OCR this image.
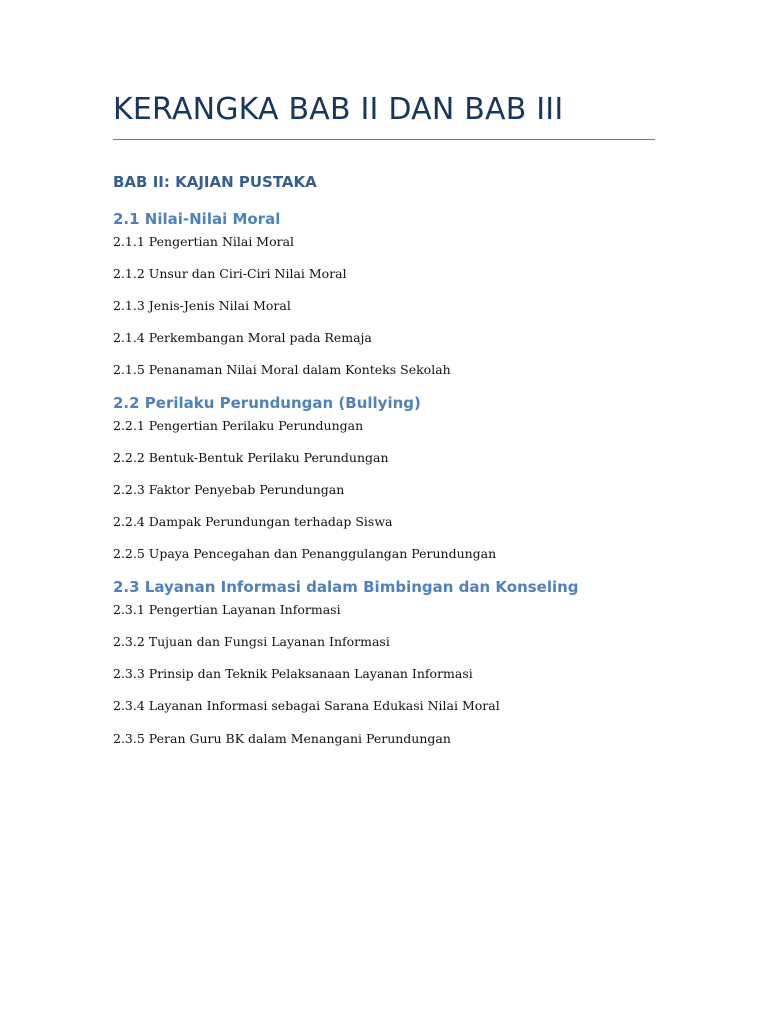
KERANGKA BAB II DAN BAB III
BAB II: KAJIAN PUSTAKA
2.1 Nilai-Nilai Moral

2.1.1 Pengertian Nilai Moral

2.1.2 Unsur dan Ciri-Ciri Nilai Moral

2.1.3 Jenis-Jenis Nilai Moral

2.1.4 Perkembangan Moral pada Remaja

2.1.5 Penanaman Nilai Moral dalam Konteks Sekolah

2.2 Perilaku Perundungan (Bullying)

2.2.1 Pengertian Perilaku Perundungan

2.2.2 Bentuk-Bentuk Perilaku Perundungan

2.2.3 Faktor Penyebab Perundungan

2.2.4 Dampak Perundungan terhadap Siswa

2.2.5 Upaya Pencegahan dan Penanggulangan Perundungan

2.3 Layanan Informasi dalam Bimbingan dan Konseling

2.3.1 Pengertian Layanan Informasi

2.3.2 Tujuan dan Fungsi Layanan Informasi

2.3.3 Prinsip dan Teknik Pelaksanaan Layanan Informasi

2.3.4 Layanan Informasi sebagai Sarana Edukasi Nilai Moral

2.3.5 Peran Guru BK dalam Menangani Perundungan
